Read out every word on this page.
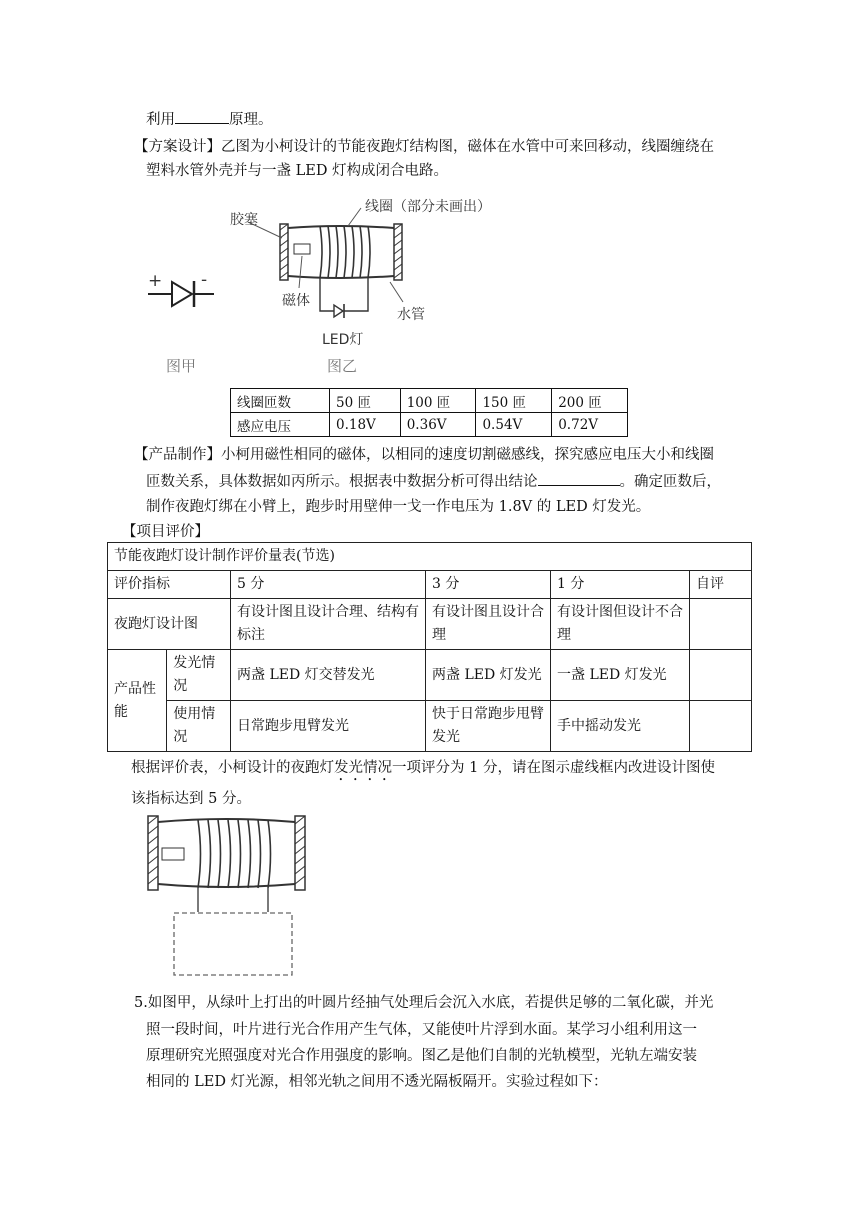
利用	原理。
【方案设计】乙图为小柯设计的节能夜跑灯结构图，磁体在水管中可来回移动，线圈缠绕在
塑料水管外壳并与一盏 LED 灯构成闭合电路。
+ -
图甲
胶塞
线圈（部分未画出）
磁体
水管
LED灯
图乙
线圈匝数	50 匝	100 匝	150 匝	200 匝
感应电压	0.18V	0.36V	0.54V	0.72V
【产品制作】小柯用磁性相同的磁体，以相同的速度切割磁感线，探究感应电压大小和线圈
匝数关系，具体数据如丙所示。根据表中数据分析可得出结论	。确定匝数后，
制作夜跑灯绑在小臂上，跑步时用壁伸一戈一作电压为 1.8V 的 LED 灯发光。
【项目评价】
节能夜跑灯设计制作评价量表(节选)					
评价指标		5 分	3 分	1 分	自评
夜跑灯设计图		有设计图且设计合理、结构有标注	有设计图且设计合理	有设计图但设计不合理	
产品性能	发光情况	两盏 LED 灯交替发光	两盏 LED 灯发光	一盏 LED 灯发光	
	使用情况	日常跑步甩臂发光	快于日常跑步甩臂发光	手中摇动发光	
根据评价表，小柯设计的夜跑灯发光情况一项评分为 1 分，请在图示虚线框内改进设计图使
该指标达到 5 分。
5.如图甲，从绿叶上打出的叶圆片经抽气处理后会沉入水底，若提供足够的二氧化碳，并光
照一段时间，叶片进行光合作用产生气体，又能使叶片浮到水面。某学习小组利用这一
原理研究光照强度对光合作用强度的影响。图乙是他们自制的光轨模型，光轨左端安装
相同的 LED 灯光源，相邻光轨之间用不透光隔板隔开。实验过程如下：
